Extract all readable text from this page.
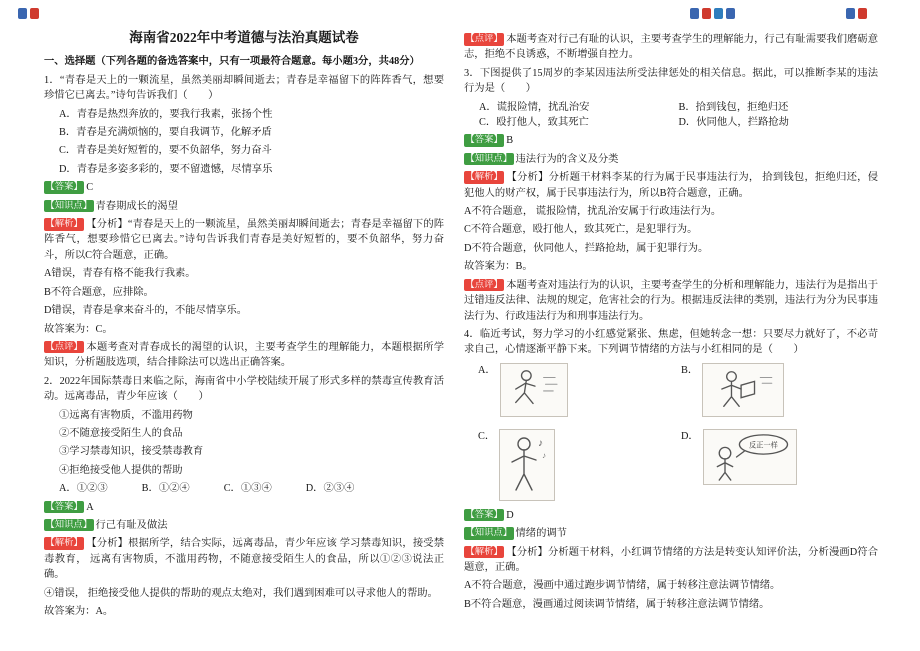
海南省2022年中考道德与法治真题试卷

一、选择题（下列各题的备选答案中，只有一项最符合题意。每小题3分，共48分）

1．“青春是天上的一颗流星，虽然美丽却瞬间逝去；青春是幸福留下的阵阵香气，想要珍惜它已离去。”诗句告诉我们（　　）

A．青春是热烈奔放的，要我行我素，张扬个性

B．青春是充满烦恼的，要自我调节，化解矛盾

C．青春是美好短暂的，要不负韶华，努力奋斗

D．青春是多姿多彩的，要不留遗憾，尽情享乐

【答案】 C

【知识点】 青春期成长的渴望

【解析】 【分析】“青春是天上的一颗流星，虽然美丽却瞬间逝去；青春是幸福留下的阵阵香气，想要珍惜它已离去。”诗句告诉我们青春是美好短暂的，要不负韶华，努力奋斗，所以C符合题意，正确。

A错误，青春有格不能我行我素。

B不符合题意，应排除。

D错误，青春是拿来奋斗的，不能尽情享乐。

故答案为：C。

【点评】 本题考查对青春成长的渴望的认识，主要考查学生的理解能力，本题根据所学知识，分析题肢选项，结合排除法可以选出正确答案。

2．2022年国际禁毒日来临之际，海南省中小学校陆续开展了形式多样的禁毒宣传教育活动。远离毒品，青少年应该（　　）

①远离有害物质，不滥用药物

②不随意接受陌生人的食品

③学习禁毒知识，接受禁毒教育

④拒绝接受他人提供的帮助

A．①②③	B．①②④	C．①③④	D．②③④

【答案】 A

【知识点】 行己有耻及做法

【解析】 【分析】根据所学，结合实际，远离毒品，青少年应该 学习禁毒知识，接受禁毒教育， 远离有害物质，不滥用药物，不随意接受陌生人的食品，所以①②③说法正确。

④错误， 拒绝接受他人提供的帮助的观点太绝对，我们遇到困难可以寻求他人的帮助。

故答案为：A。

【点评】 本题考查对行己有耻的认识，主要考查学生的理解能力，行己有耻需要我们磨砺意志，拒绝不良诱惑，不断增强自控力。

3．下图提供了15周岁的李某因违法所受法律惩处的相关信息。据此，可以推断李某的违法行为是（　　）

A．谎报险情，扰乱治安	B．拾到钱包，拒绝归还
C．殴打他人，致其死亡	D．伙同他人，拦路抢劫

【答案】 B

【知识点】 违法行为的含义及分类

【解析】 【分析】分析题干材料李某的行为属于民事违法行为， 拾到钱包，拒绝归还，侵犯他人的财产权，属于民事违法行为，所以B符合题意，正确。

A不符合题意， 谎报险情，扰乱治安属于行政违法行为。

C不符合题意，殴打他人，致其死亡，是犯罪行为。

D不符合题意，伙同他人，拦路抢劫，属于犯罪行为。

故答案为：B。

【点评】 本题考查对违法行为的认识，主要考查学生的分析和理解能力，违法行为是指出于过错违反法律、法规的规定，危害社会的行为。根据违反法律的类别，违法行为分为民事违法行为、行政违法行为和刑事违法行为。

4．临近考试，努力学习的小红感觉紧张、焦虑，但她转念一想：只要尽力就好了，不必苛求自己，心情逐渐平静下来。下列调节情绪的方法与小红相同的是（　　）

A．	B．
C．
♪
♪
D．
反正一样

【答案】 D

【知识点】 情绪的调节

【解析】 【分析】分析题干材料，小红调节情绪的方法是转变认知评价法，分析漫画D符合题意，正确。

A不符合题意，漫画中通过跑步调节情绪，属于转移注意法调节情绪。

B不符合题意，漫画通过阅读调节情绪，属于转移注意法调节情绪。
